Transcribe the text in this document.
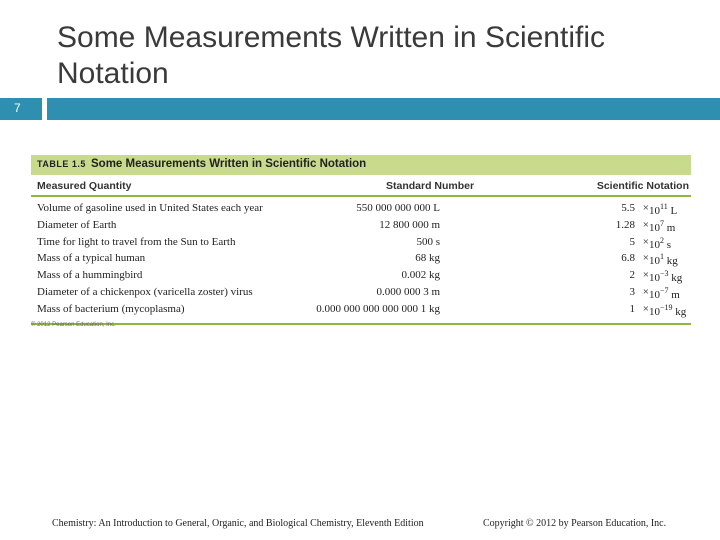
Some Measurements Written in Scientific Notation
7
TABLE 1.5 Some Measurements Written in Scientific Notation
Measured Quantity	Standard Number	Scientific Notation
Volume of gasoline used in United States each year	550 000 000 000 L	$5.5 \times 10^{11}$ L
Diameter of Earth	12 800 000 m	$1.28 \times 10^7$ m
Time for light to travel from the Sun to Earth	500 s	$5 \times 10^2$ s
Mass of a typical human	68 kg	$6.8 \times 10^1$ kg
Mass of a hummingbird	0.002 kg	$2 \times 10^{-3}$ kg
Diameter of a chickenpox (varicella zoster) virus	0.000 000 3 m	$3 \times 10^{-7}$ m
Mass of bacterium (mycoplasma)	0.000 000 000 000 000 1 kg	$1 \times 10^{-19}$ kg
© 2012 Pearson Education, Inc.
Chemistry: An Introduction to General, Organic, and Biological Chemistry, Eleventh Edition	Copyright © 2012 by Pearson Education, Inc.
